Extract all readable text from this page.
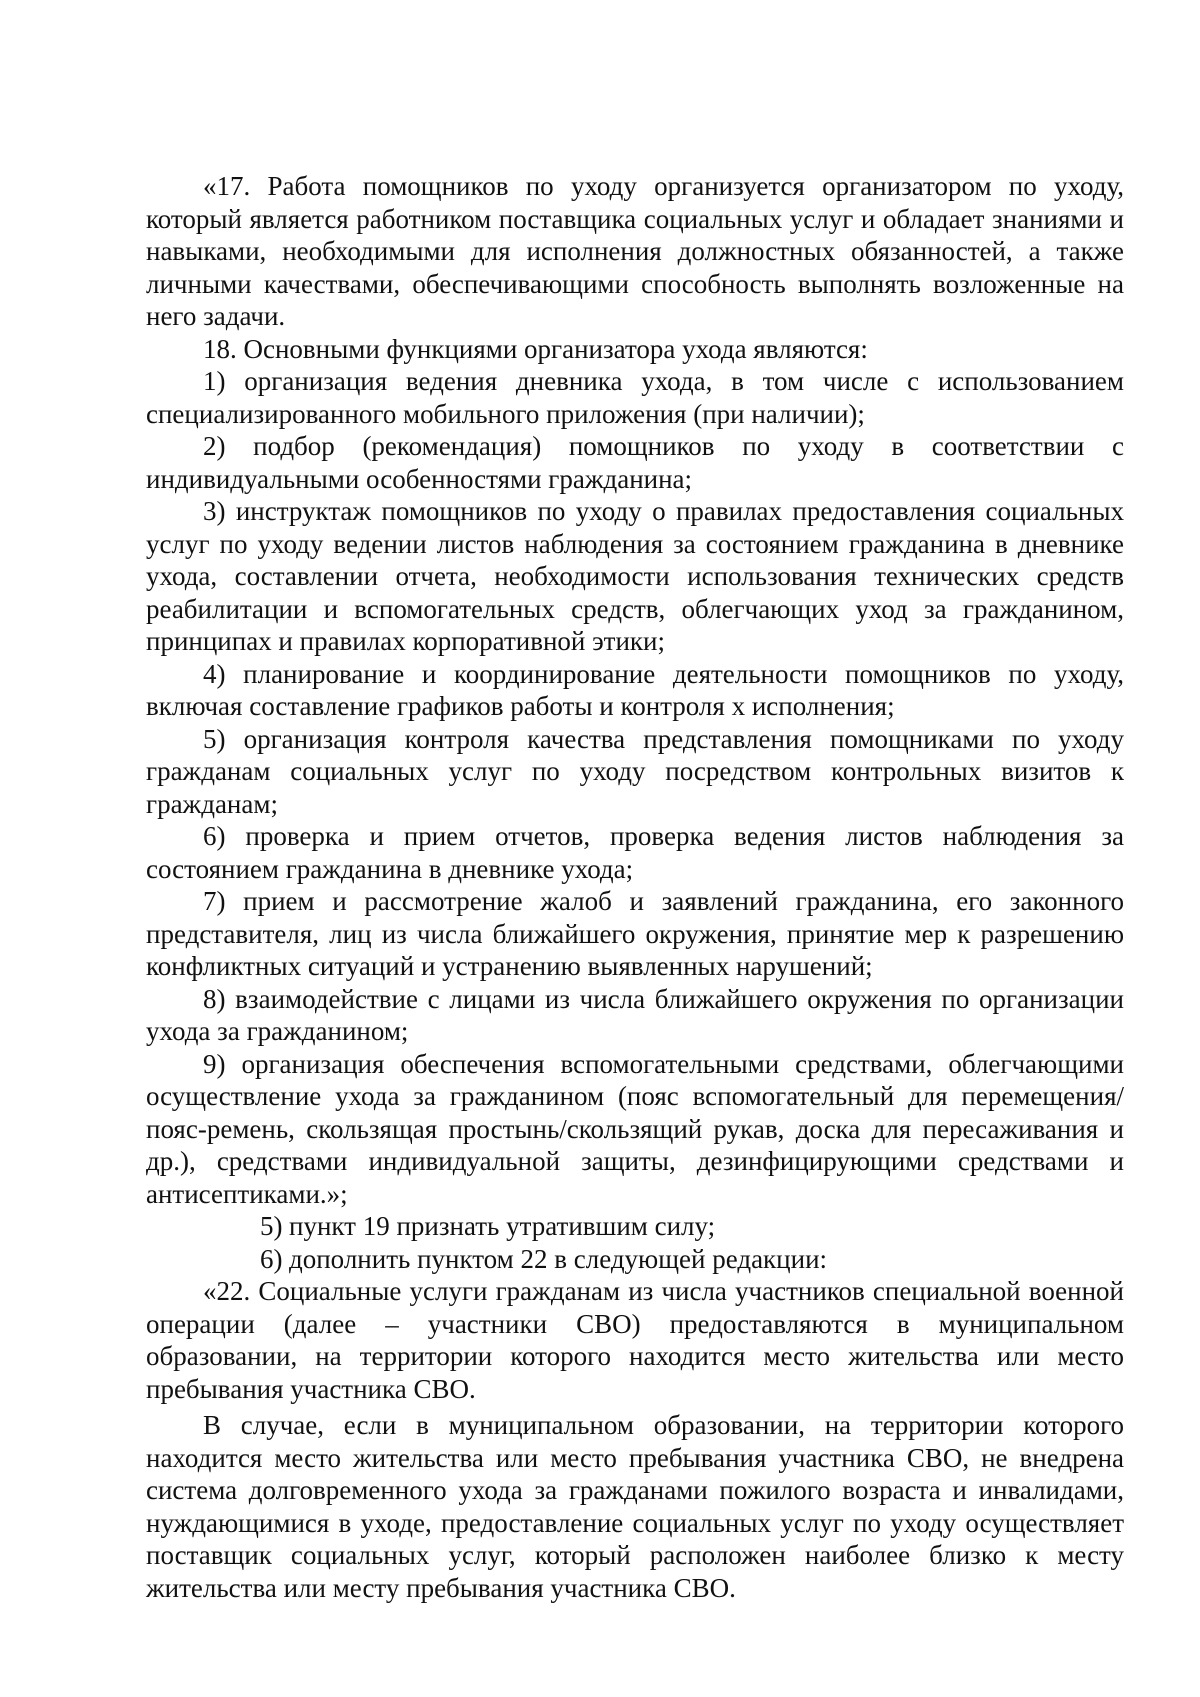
«17. Работа помощников по уходу организуется организатором по уходу, который является работником поставщика социальных услуг и обладает знаниями и навыками, необходимыми для исполнения должностных обязанностей, а также личными качествами, обеспечивающими способность выполнять возложенные на него задачи.

18. Основными функциями организатора ухода являются:

1) организация ведения дневника ухода, в том числе с использованием специализированного мобильного приложения (при наличии);

2) подбор (рекомендация) помощников по уходу в соответствии с индивидуальными особенностями гражданина;

3) инструктаж помощников по уходу о правилах предоставления социальных услуг по уходу ведении листов наблюдения за состоянием гражданина в дневнике ухода, составлении отчета, необходимости использования технических средств реабилитации и вспомогательных средств, облегчающих уход за гражданином, принципах и правилах корпоративной этики;

4) планирование и координирование деятельности помощников по уходу, включая составление графиков работы и контроля х исполнения;

5) организация контроля качества представления помощниками по уходу гражданам социальных услуг по уходу посредством контрольных визитов к гражданам;

6) проверка и прием отчетов, проверка ведения листов наблюдения за состоянием гражданина в дневнике ухода;

7) прием и рассмотрение жалоб и заявлений гражданина, его законного представителя, лиц из числа ближайшего окружения, принятие мер к разрешению конфликтных ситуаций и устранению выявленных нарушений;

8) взаимодействие с лицами из числа ближайшего окружения по организации ухода за гражданином;

9) организация обеспечения вспомогательными средствами, облегчающими осуществление ухода за гражданином (пояс вспомогательный для перемещения/пояс-ремень, скользящая простынь/скользящий рукав, доска для пересаживания и др.), средствами индивидуальной защиты, дезинфицирующими средствами и антисептиками.»;

5) пункт 19 признать утратившим силу;

6) дополнить пунктом 22 в следующей редакции:

«22. Социальные услуги гражданам из числа участников специальной военной операции (далее – участники СВО) предоставляются в муниципальном образовании, на территории которого находится место жительства или место пребывания участника СВО.

В случае, если в муниципальном образовании, на территории которого находится место жительства или место пребывания участника СВО, не внедрена система долговременного ухода за гражданами пожилого возраста и инвалидами, нуждающимися в уходе, предоставление социальных услуг по уходу осуществляет поставщик социальных услуг, который расположен наиболее близко к месту жительства или месту пребывания участника СВО.
